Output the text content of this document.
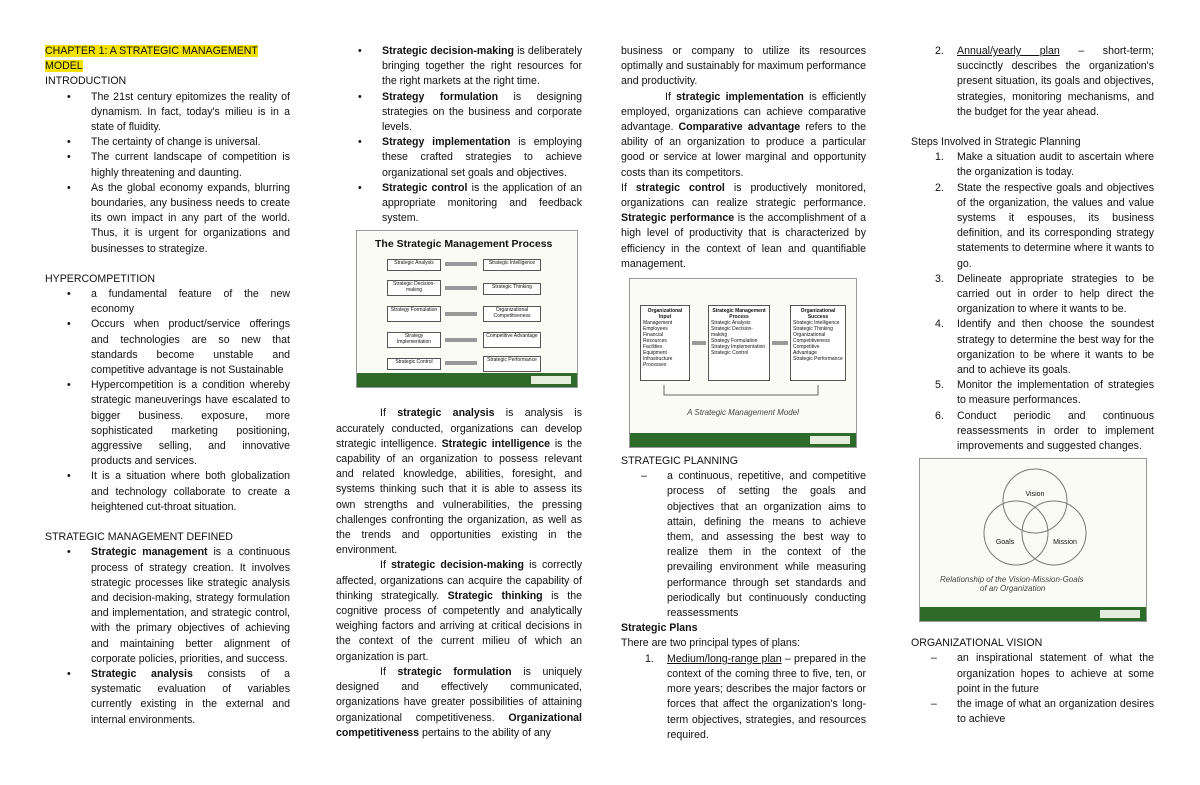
CHAPTER 1: A STRATEGIC MANAGEMENT MODEL
INTRODUCTION
• The 21st century epitomizes the reality of dynamism. In fact, today's milieu is in a state of fluidity.
• The certainty of change is universal.
• The current landscape of competition is highly threatening and daunting.
• As the global economy expands, blurring boundaries, any business needs to create its own impact in any part of the world. Thus, it is urgent for organizations and businesses to strategize.
HYPERCOMPETITION
• a fundamental feature of the new economy
• Occurs when product/service offerings and technologies are so new that standards become unstable and competitive advantage is not Sustainable
• Hypercompetition is a condition whereby strategic maneuverings have escalated to bigger business. exposure, more sophisticated marketing positioning, aggressive selling, and innovative products and services.
• It is a situation where both globalization and technology collaborate to create a heightened cut-throat situation.
STRATEGIC MANAGEMENT DEFINED
• Strategic management is a continuous process of strategy creation. It involves strategic processes like strategic analysis and decision-making, strategy formulation and implementation, and strategic control, with the primary objectives of achieving and maintaining better alignment of corporate policies, priorities, and success.
• Strategic analysis consists of a systematic evaluation of variables currently existing in the external and internal environments.
• Strategic decision-making is deliberately bringing together the right resources for the right markets at the right time.
• Strategy formulation is designing strategies on the business and corporate levels.
• Strategy implementation is employing these crafted strategies to achieve organizational set goals and objectives.
• Strategic control is the application of an appropriate monitoring and feedback system.
The Strategic Management Process
Strategic Analysis
Strategic Decision-making
Strategy Formulation
Strategy Implementation
Strategic Control
Strategic Intelligence
Strategic Thinking
Organizational Competitiveness
Competitive Advantage
Strategic Performance

If strategic analysis is analysis is accurately conducted, organizations can develop strategic intelligence. Strategic intelligence is the capability of an organization to possess relevant and related knowledge, abilities, foresight, and systems thinking such that it is able to assess its own strengths and vulnerabilities, the pressing challenges confronting the organization, as well as the trends and opportunities existing in the environment.

If strategic decision-making is correctly affected, organizations can acquire the capability of thinking strategically. Strategic thinking is the cognitive process of competently and analytically weighing factors and arriving at critical decisions in the context of the current milieu of which an organization is part.

If strategic formulation is uniquely designed and effectively communicated, organizations have greater possibilities of attaining organizational competitiveness. Organizational competitiveness pertains to the ability of any

business or company to utilize its resources optimally and sustainably for maximum performance and productivity.

If strategic implementation is efficiently employed, organizations can achieve comparative advantage. Comparative advantage refers to the ability of an organization to produce a particular good or service at lower marginal and opportunity costs than its competitors.

If strategic control is productively monitored, organizations can realize strategic performance. Strategic performance is the accomplishment of a high level of productivity that is characterized by efficiency in the context of lean and quantifiable management.

Organizational Input
Management Employees
Financial Resources
Facilities
Equipment
Infrastructure
Processes
Strategic Management Process
Strategic Analysis
Strategic Decision-making
Strategy Formulation
Strategy Implementation
Strategic Control
Organizational Success
Strategic Intelligence
Strategic Thinking
Organizational Competitiveness
Competitive Advantage
Strategic Performance
A Strategic Management Model
STRATEGIC PLANNING
– a continuous, repetitive, and competitive process of setting the goals and objectives that an organization aims to attain, defining the means to achieve them, and assessing the best way to realize them in the context of the prevailing environment while measuring performance through set standards and periodically but continuously conducting reassessments
Strategic Plans
There are two principal types of plans:
1. Medium/long-range plan – prepared in the context of the coming three to five, ten, or more years; describes the major factors or forces that affect the organization's long-term objectives, strategies, and resources required.
2. Annual/yearly plan – short-term; succinctly describes the organization's present situation, its goals and objectives, strategies, monitoring mechanisms, and the budget for the year ahead.
Steps Involved in Strategic Planning
1. Make a situation audit to ascertain where the organization is today.
2. State the respective goals and objectives of the organization, the values and value systems it espouses, its business definition, and its corresponding strategy statements to determine where it wants to go.
3. Delineate appropriate strategies to be carried out in order to help direct the organization to where it wants to be.
4. Identify and then choose the soundest strategy to determine the best way for the organization to be where it wants to be and to achieve its goals.
5. Monitor the implementation of strategies to measure performances.
6. Conduct periodic and continuous reassessments in order to implement improvements and suggested changes.
Vision
Goals	Mission
Relationship of the Vision-Mission-Goals
of an Organization
ORGANIZATIONAL VISION
– an inspirational statement of what the organization hopes to achieve at some point in the future
– the image of what an organization desires to achieve
